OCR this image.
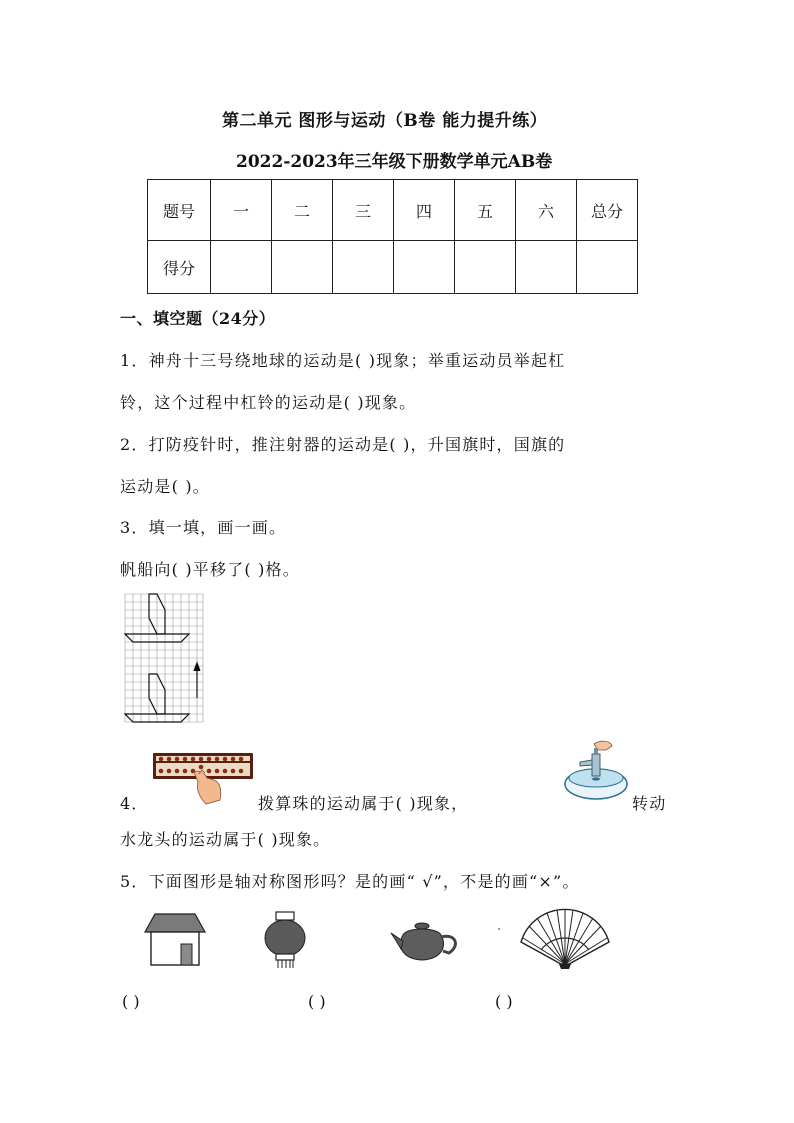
第二单元 图形与运动（B卷 能力提升练）
2022-2023年三年级下册数学单元AB卷
题号	一	二	三	四	五	六	总分
得分							
一、填空题（24分）
1．神舟十三号绕地球的运动是( )现象；举重运动员举起杠
铃，这个过程中杠铃的运动是( )现象。
2．打防疫针时，推注射器的运动是( )，升国旗时，国旗的
运动是( )。
3．填一填，画一画。
帆船向( )平移了( )格。
4．	拨算珠的运动属于( )现象，	转动
水龙头的运动属于( )现象。
5．下面图形是轴对称图形吗？是的画“ √”，不是的画“×”。
( )	( )	( )
